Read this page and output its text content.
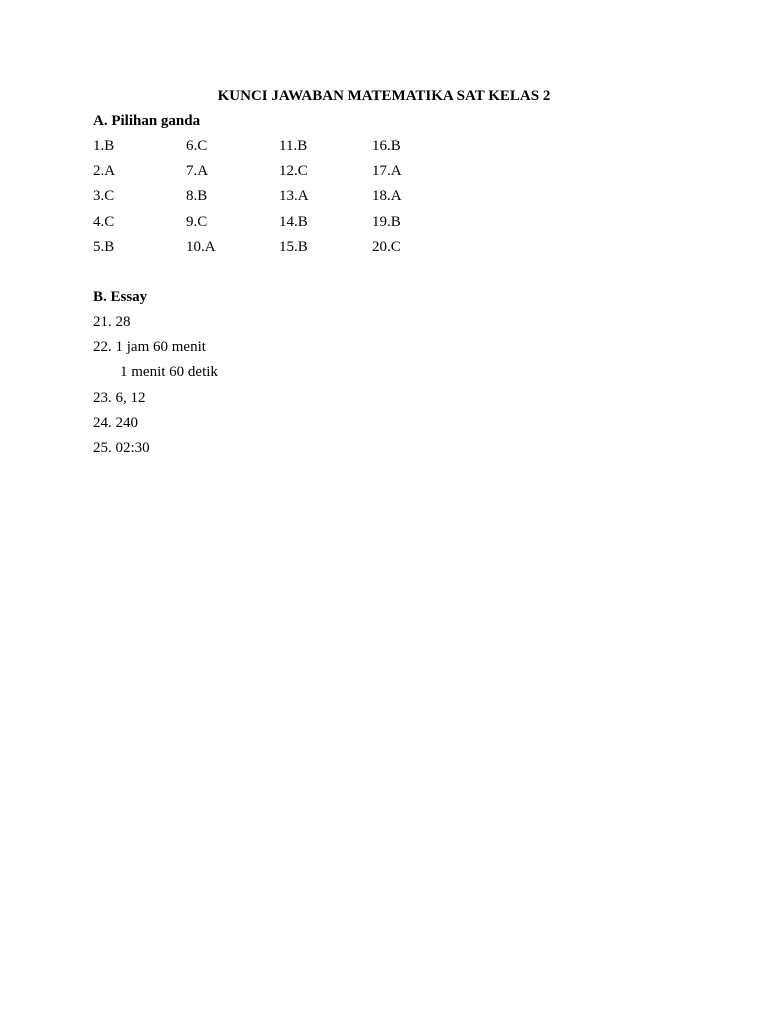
KUNCI JAWABAN MATEMATIKA SAT KELAS 2
A. Pilihan ganda
1.B	6.C	11.B	16.B
2.A	7.A	12.C	17.A
3.C	8.B	13.A	18.A
4.C	9.C	14.B	19.B
5.B	10.A	15.B	20.C
B. Essay
21. 28
22. 1 jam 60 menit
1 menit 60 detik
23. 6, 12
24. 240
25. 02:30
